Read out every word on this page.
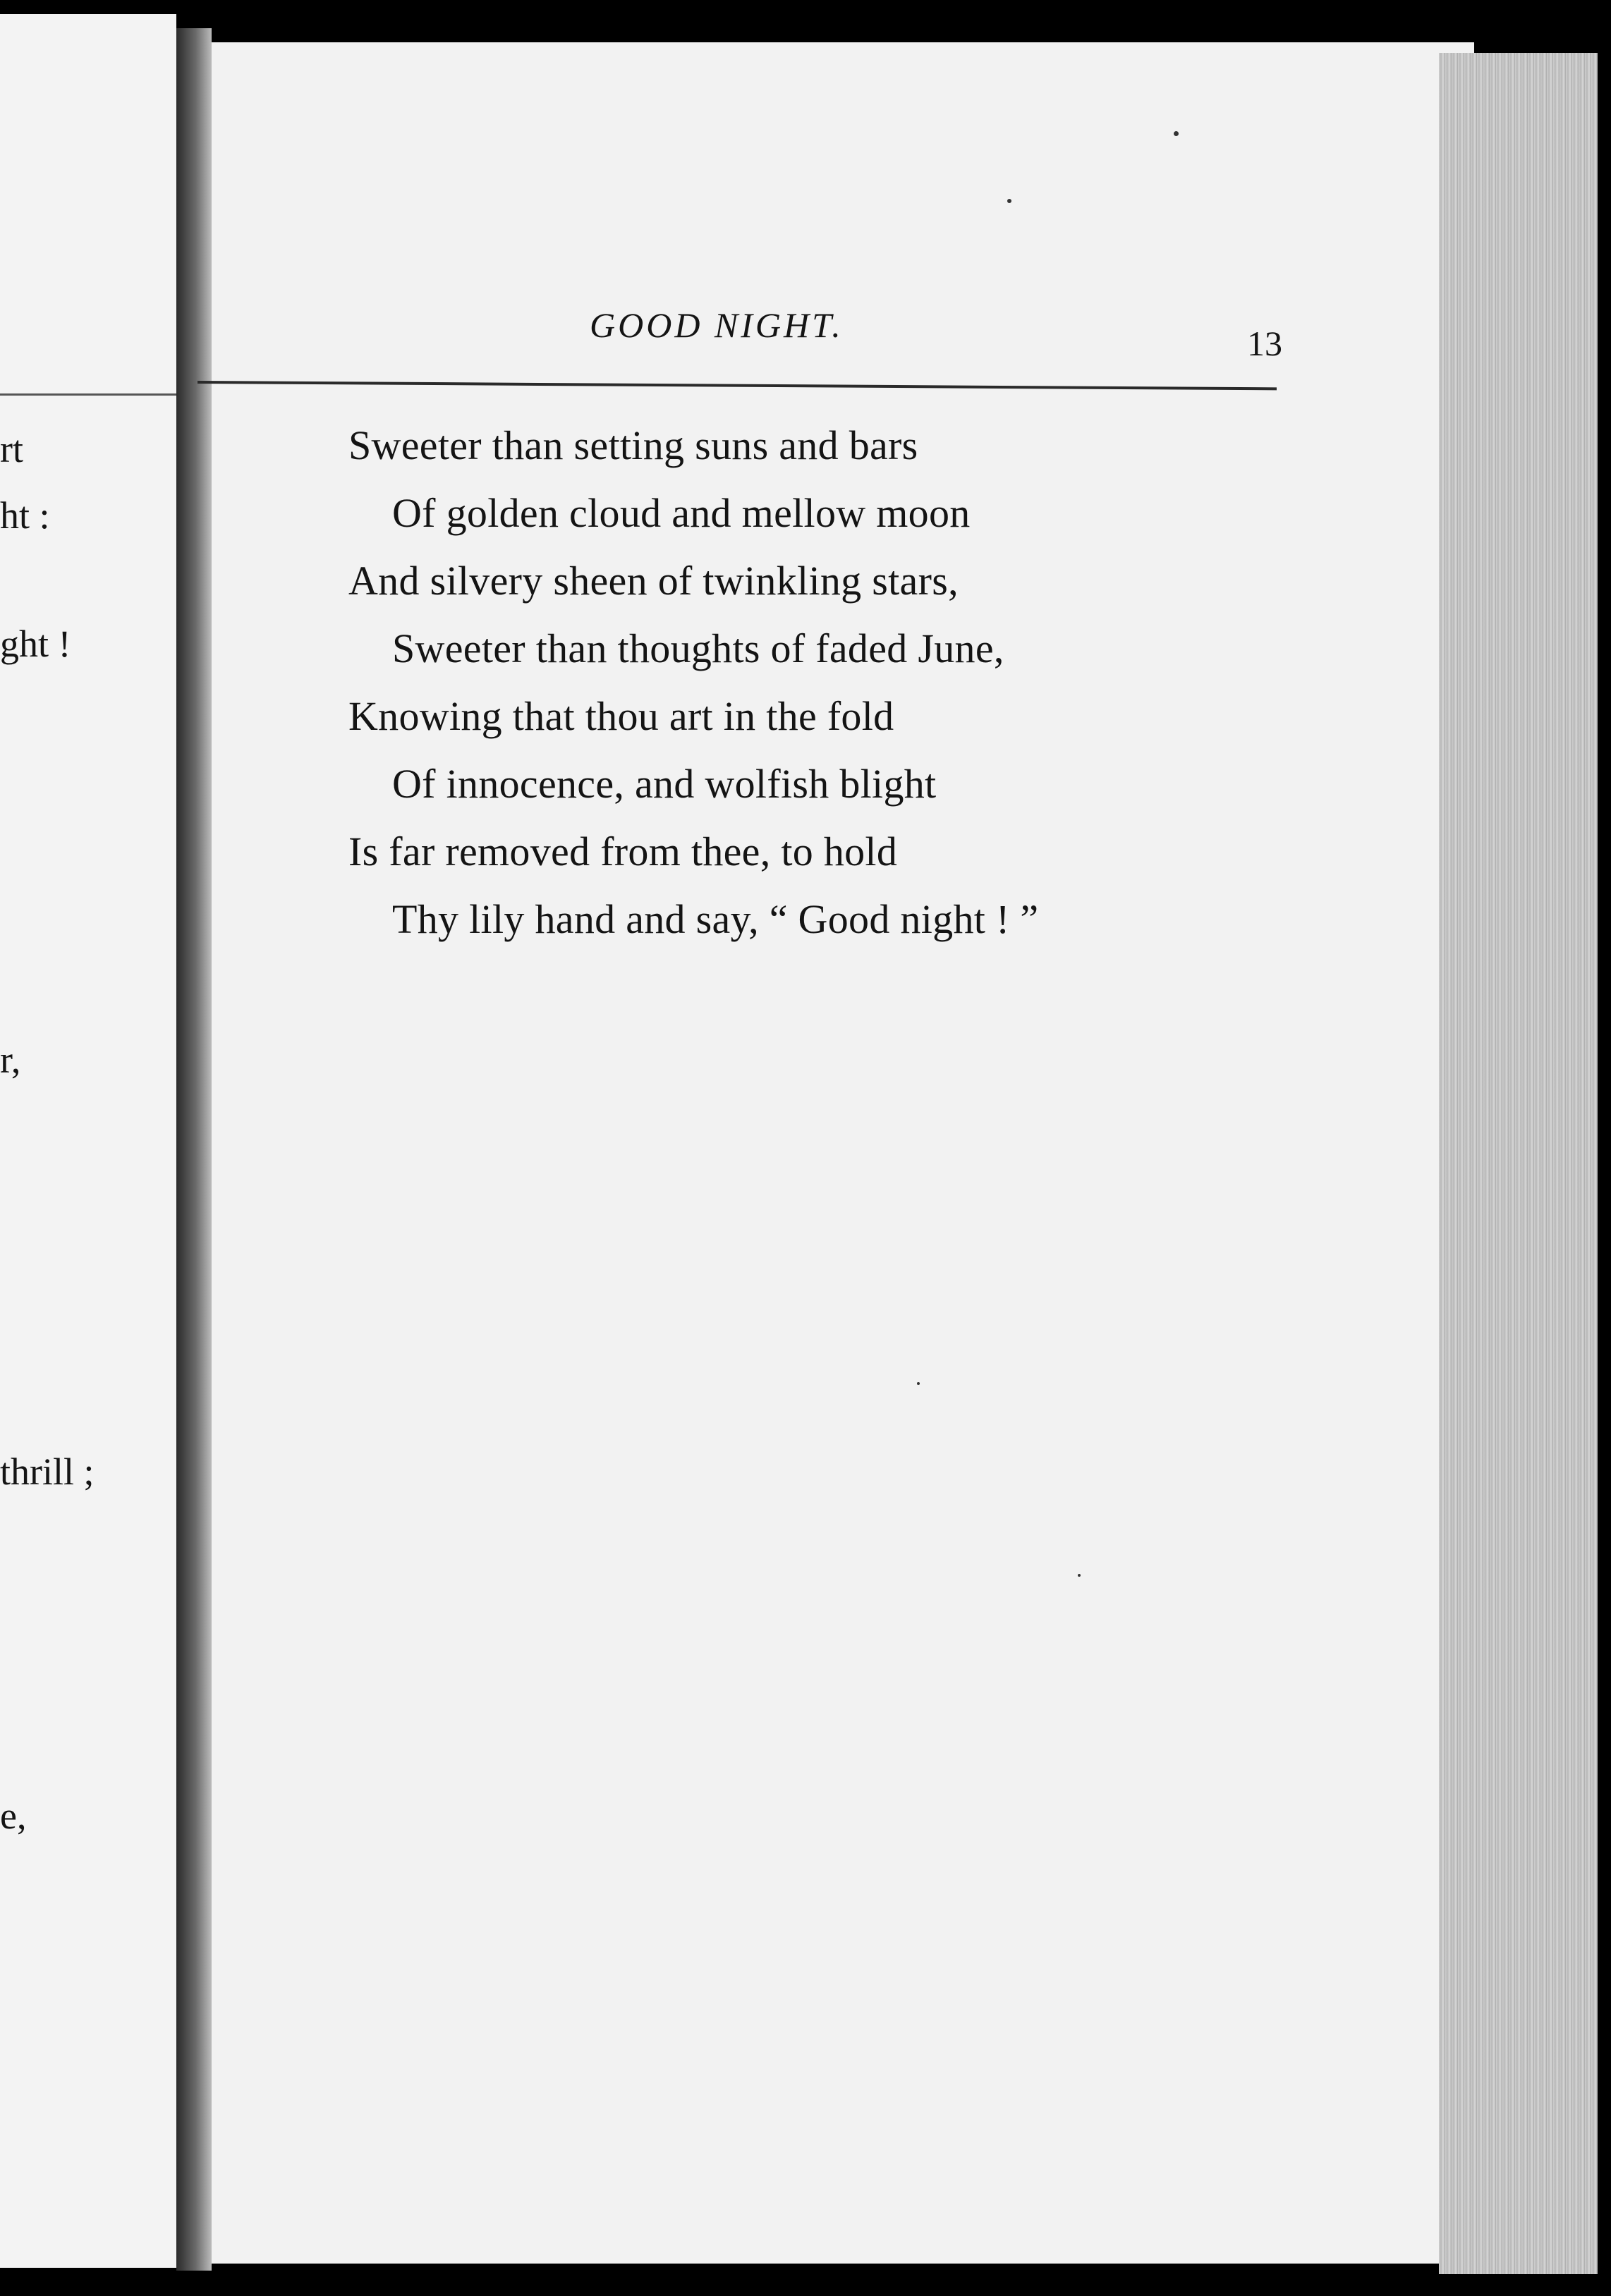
rt
ht :
ght !
r,
thrill ;
e,
GOOD NIGHT.	13
Sweeter than setting suns and bars
Of golden cloud and mellow moon
And silvery sheen of twinkling stars,
Sweeter than thoughts of faded June,
Knowing that thou art in the fold
Of innocence, and wolfish blight
Is far removed from thee, to hold
Thy lily hand and say, “ Good night ! ”
